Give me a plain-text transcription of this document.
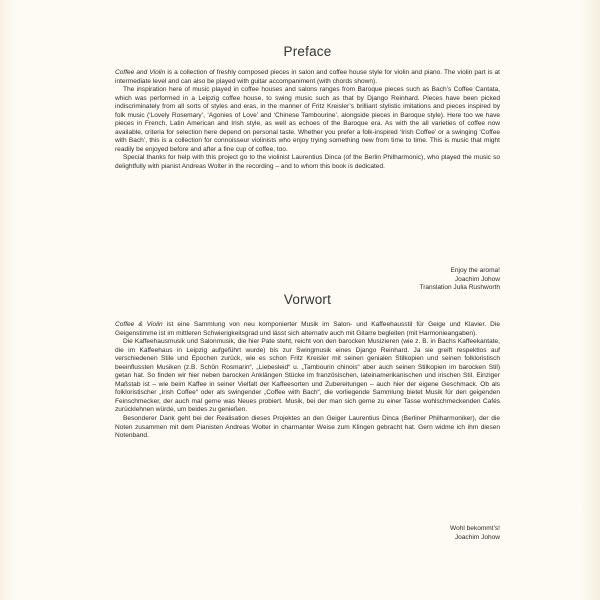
Preface

Coffee and Violin is a collection of freshly composed pieces in salon and coffee house style for violin and piano. The violin part is at intermediate level and can also be played with guitar accompaniment (with chords shown).

The inspiration here of music played in coffee houses and salons ranges from Baroque pieces such as Bach’s Coffee Cantata, which was performed in a Leipzig coffee house, to swing music such as that by Django Reinhard. Pieces have been picked indiscriminately from all sorts of styles and eras, in the manner of Fritz Kreisler’s brilliant stylistic imitations and pieces inspired by folk music (‘Lovely Rosemary’, ‘Agonies of Love’ and ‘Chinese Tambourine’, alongside pieces in Baroque style). Here too we have pieces in French, Latin American and Irish style, as well as echoes of the Baroque era. As with the all varieties of coffee now available, criteria for selection here depend on personal taste. Whether you prefer a folk-inspired ‘Irish Coffee’ or a swinging ‘Coffee with Bach’, this is a collection for connoisseur violinists who enjoy trying something new from time to time. This is music that might readily be enjoyed before and after a fine cup of coffee, too.

Special thanks for help with this project go to the violinist Laurentius Dinca (of the Berlin Philharmonic), who played the music so delightfully with pianist Andreas Wolter in the recording – and to whom this book is dedicated.

Enjoy the aroma!
Joachim Johow
Translation Julia Rushworth
Vorwort

Coffee & Violin ist eine Sammlung von neu komponierter Musik im Salon- und Kaffeehausstil für Geige und Klavier. Die Geigenstimme ist im mittleren Schwierigkeitsgrad und lässt sich alternativ auch mit Gitarre begleiten (mit Harmonieangaben).

Die Kaffeehausmusik und Salonmusik, die hier Pate steht, reicht von den barocken Musizieren (wie z. B. in Bachs Kaffeekantate, die im Kaffeehaus in Leipzig aufgeführt wurde) bis zur Swingmusik eines Django Reinhard. Ja sie greift respektlos auf verschiedenen Stile und Epochen zurück, wie es schon Fritz Kreisler mit seinen genialen Stilkopien und seinen folkloristisch beeinflussten Musiken (z.B. Schön Rosmarin“, „Liebesleid“ u. „Tambourin chinois“ aber auch seinen Stilkopien im barocken Stil) getan hat. So finden wir hier neben barocken Anklängen Stücke im französischen, lateinamerikanischen und irischen Stil. Einziger Maßstab ist – wie beim Kaffee in seiner Vielfalt der Kaffeesorten und Zubereitungen – auch hier der eigene Geschmack. Ob als folkloristischer „Irish Coffee“ oder als swingender „Coffee with Bach“, die vorliegende Sammlung bietet Musik für den geigenden Feinschmecker, der auch mal gerne was Neues probiert. Musik, bei der man sich gerne zu einer Tasse wohlschmeckenden Cafés zurücklehnen würde, um beides zu genießen.

Besonderer Dank geht bei der Realisation dieses Projektes an den Geiger Laurentius Dinca (Berliner Philharmoniker), der die Noten zusammen mit dem Pianisten Andreas Wolter in charmanter Weise zum Klingen gebracht hat. Gern widme ich ihm diesen Notenband.

Wohl bekommt’s!
Joachim Johow
